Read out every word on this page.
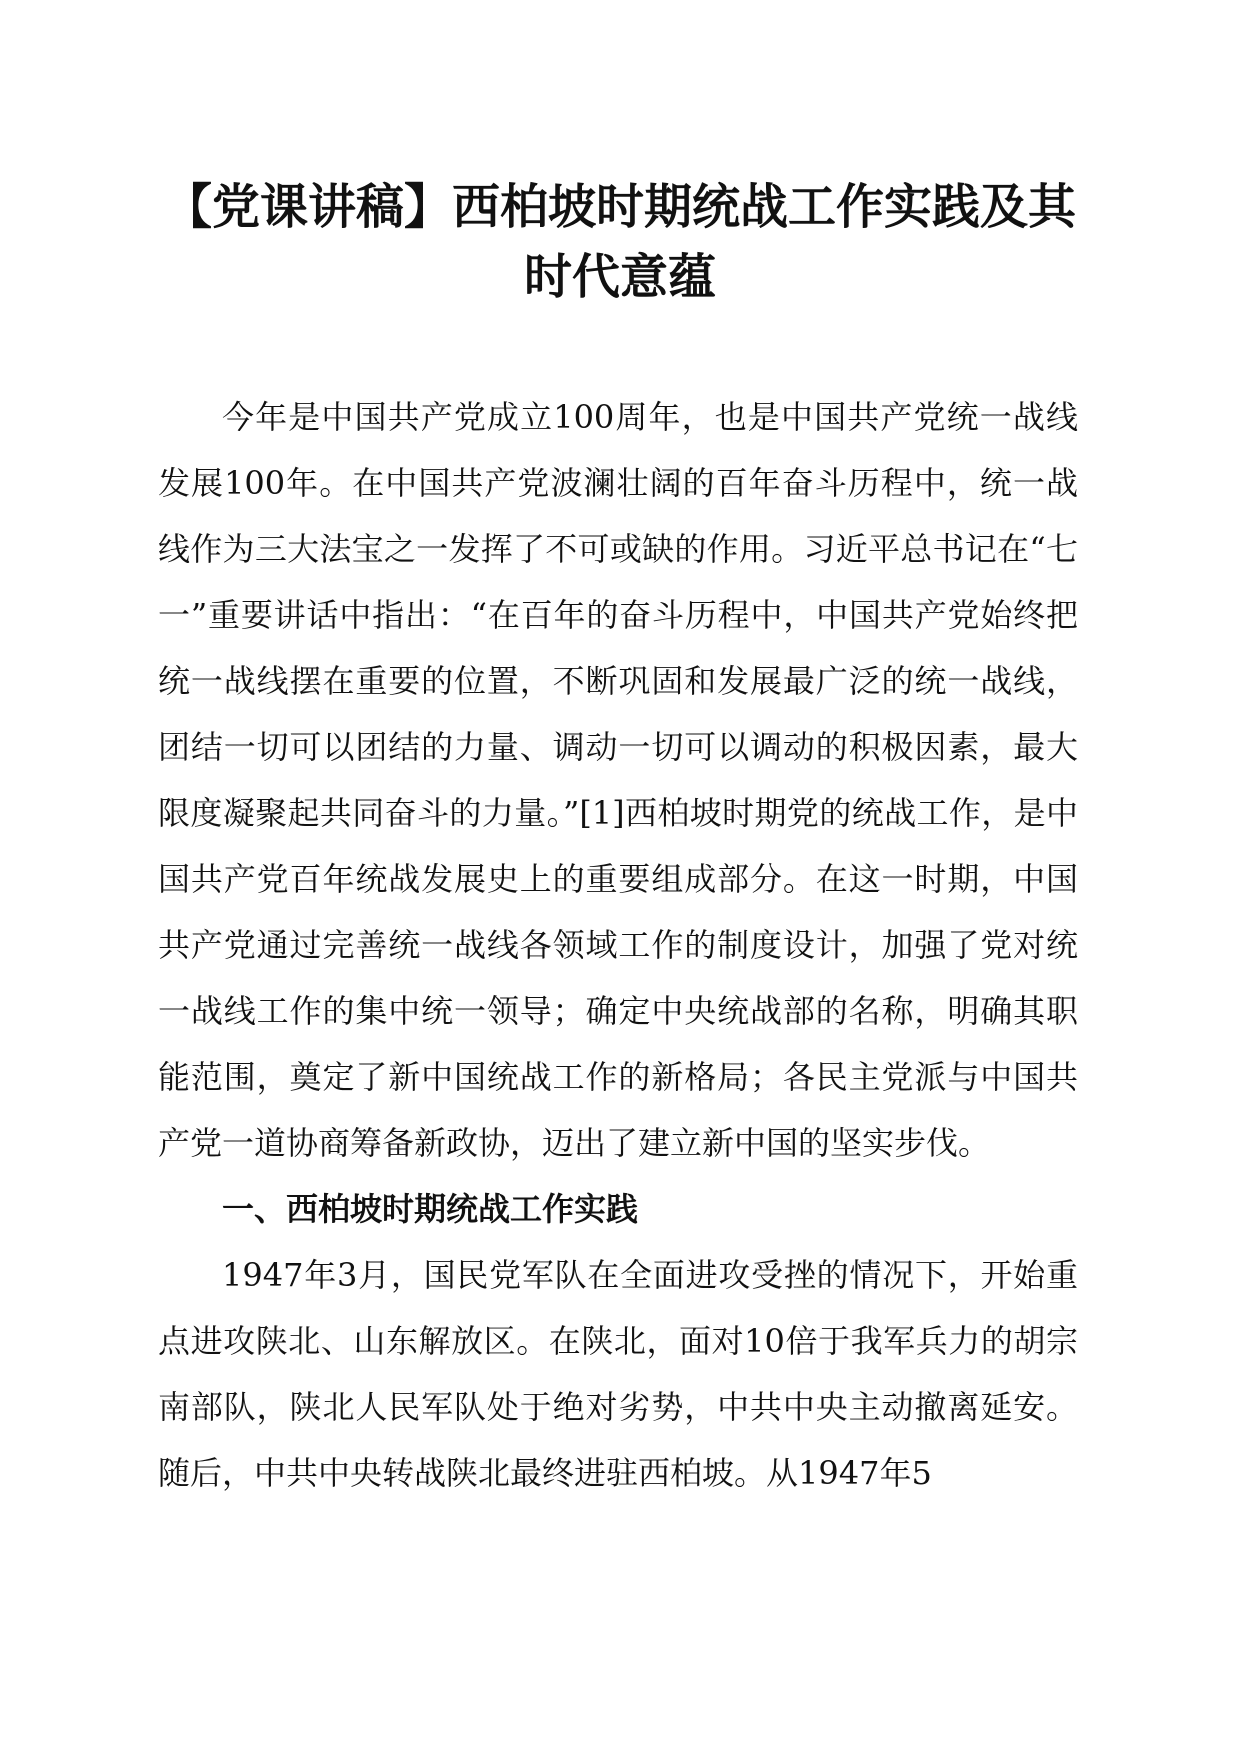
【党课讲稿】西柏坡时期统战工作实践及其时代意蕴

今年是中国共产党成立100周年，也是中国共产党统一战线发展100年。在中国共产党波澜壮阔的百年奋斗历程中，统一战线作为三大法宝之一发挥了不可或缺的作用。习近平总书记在“七一”重要讲话中指出：“在百年的奋斗历程中，中国共产党始终把统一战线摆在重要的位置，不断巩固和发展最广泛的统一战线，团结一切可以团结的力量、调动一切可以调动的积极因素，最大限度凝聚起共同奋斗的力量。”[1]西柏坡时期党的统战工作，是中国共产党百年统战发展史上的重要组成部分。在这一时期，中国共产党通过完善统一战线各领域工作的制度设计，加强了党对统一战线工作的集中统一领导；确定中央统战部的名称，明确其职能范围，奠定了新中国统战工作的新格局；各民主党派与中国共产党一道协商筹备新政协，迈出了建立新中国的坚实步伐。

一、西柏坡时期统战工作实践

1947年3月，国民党军队在全面进攻受挫的情况下，开始重点进攻陕北、山东解放区。在陕北，面对10倍于我军兵力的胡宗南部队，陕北人民军队处于绝对劣势，中共中央主动撤离延安。随后，中共中央转战陕北最终进驻西柏坡。从1947年5
